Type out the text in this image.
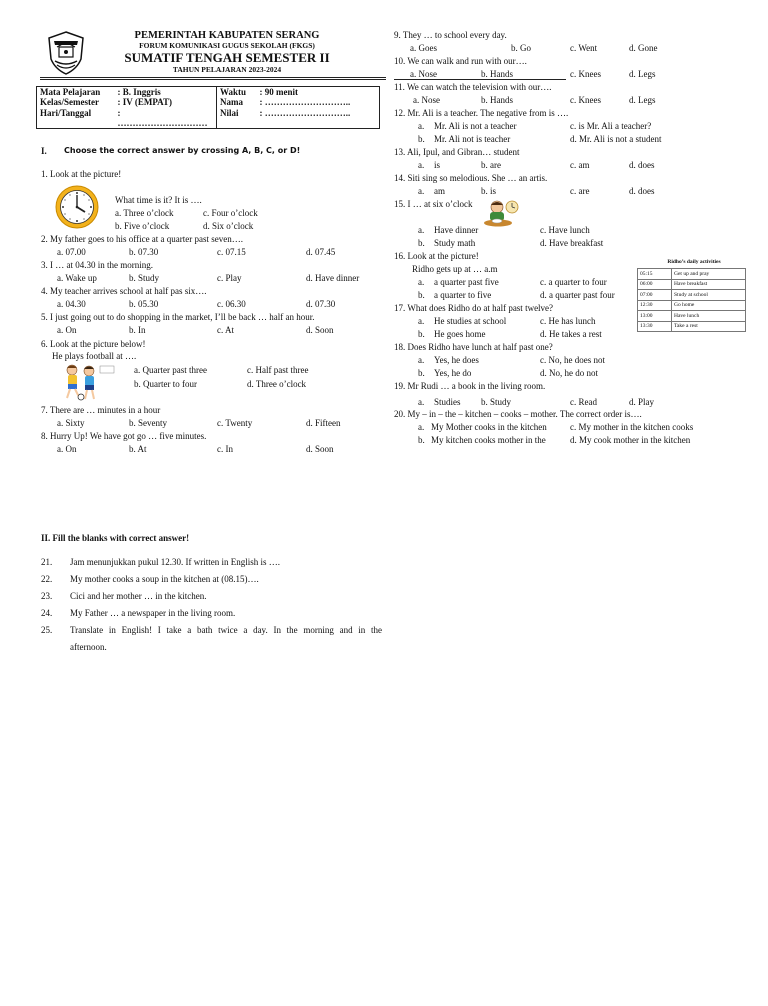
PEMERINTAH KABUPATEN SERANG
FORUM KOMUNIKASI GUGUS SEKOLAH (FKGS)
SUMATIF TENGAH SEMESTER II
TAHUN PELAJARAN 2023-2024
Mata Pelajaran	: B. Inggris	Waktu	: 90 menit
Kelas/Semester	: IV (EMPAT)	Nama	: ………………………..
Hari/Tanggal	:	Nilai	: ………………………..
	…………………………		
I. Choose the correct answer by crossing A, B, C, or D!
1. Look at the picture!
What time is it? It is ….
a. Three o’clock	c. Four o’clock
b. Five o’clock	d. Six o’clock
2. My father goes to his office at a quarter past seven….
a. 07.00	b. 07.30	c. 07.15	d. 07.45
3. I … at 04.30 in the morning.
a. Wake up	b. Study	c. Play	d. Have dinner
4. My teacher arrives school at half pas six….
a. 04.30	b. 05.30	c. 06.30	d. 07.30
5. I just going out to do shopping in the market, I’ll be back … half an hour.
a. On	b. In	c. At	d. Soon
6. Look at the picture below!
He plays football at ….
a. Quarter past three	c. Half past three
b. Quarter to four	d. Three o’clock
7. There are … minutes in a hour
a. Sixty	b. Seventy	c. Twenty	d. Fifteen
8. Hurry Up! We have got go … five minutes.
a. On	b. At	c. In	d. Soon
9. They … to school every day.
a. Goes	b. Go	c. Went	d. Gone
10. We can walk and run with our….
a. Nose	b. Hands	c. Knees	d. Legs
11. We can watch the television with our….
a. Nose	b. Hands	c. Knees	d. Legs
12. Mr. Ali is a teacher. The negative from is ….
a. Mr. Ali is not a teacher	c. is Mr. Ali a teacher?
b. Mr. Ali not is teacher	d. Mr. Ali is not a student
13. Ali, Ipul, and Gibran… student
a. is	b. are	c. am	d. does
14. Siti sing so melodious. She … an artis.
a. am	b. is	c. are	d. does
15. I … at six o’clock
a. Have dinner	c. Have lunch
b. Study math	d. Have breakfast
16. Look at the picture!
Ridho gets up at … a.m
a. a quarter past five	c. a quarter to four
b. a quarter to five	d. a quarter past four
Ridho’s daily activities
05:15	Get up and pray
06:00	Have breakfast
07:00	Study at school
12:30	Go home
13:00	Have lunch
13:30	Take a rest
17. What does Ridho do at half past twelve?
a. He studies at school	c. He has lunch
b. He goes home	d. He takes a rest
18. Does Ridho have lunch at half past one?
a. Yes, he does	c. No, he does not
b. Yes, he do	d. No, he do not
19. Mr Rudi … a book in the living room.
a. Studies b. Study	c. Read	d. Play
20. My – in – the – kitchen – cooks – mother. The correct order is….
a. My Mother cooks in the kitchen	c. My mother in the kitchen cooks
b. My kitchen cooks mother in the	d. My cook mother in the kitchen
II. Fill the blanks with correct answer!
21. Jam menunjukkan pukul 12.30. If written in English is ….
22. My mother cooks a soup in the kitchen at (08.15)….
23. Cici and her mother … in the kitchen.
24. My Father … a newspaper in the living room.
25. Translate in English! I take a bath twice a day. In the morning and in the
afternoon.
